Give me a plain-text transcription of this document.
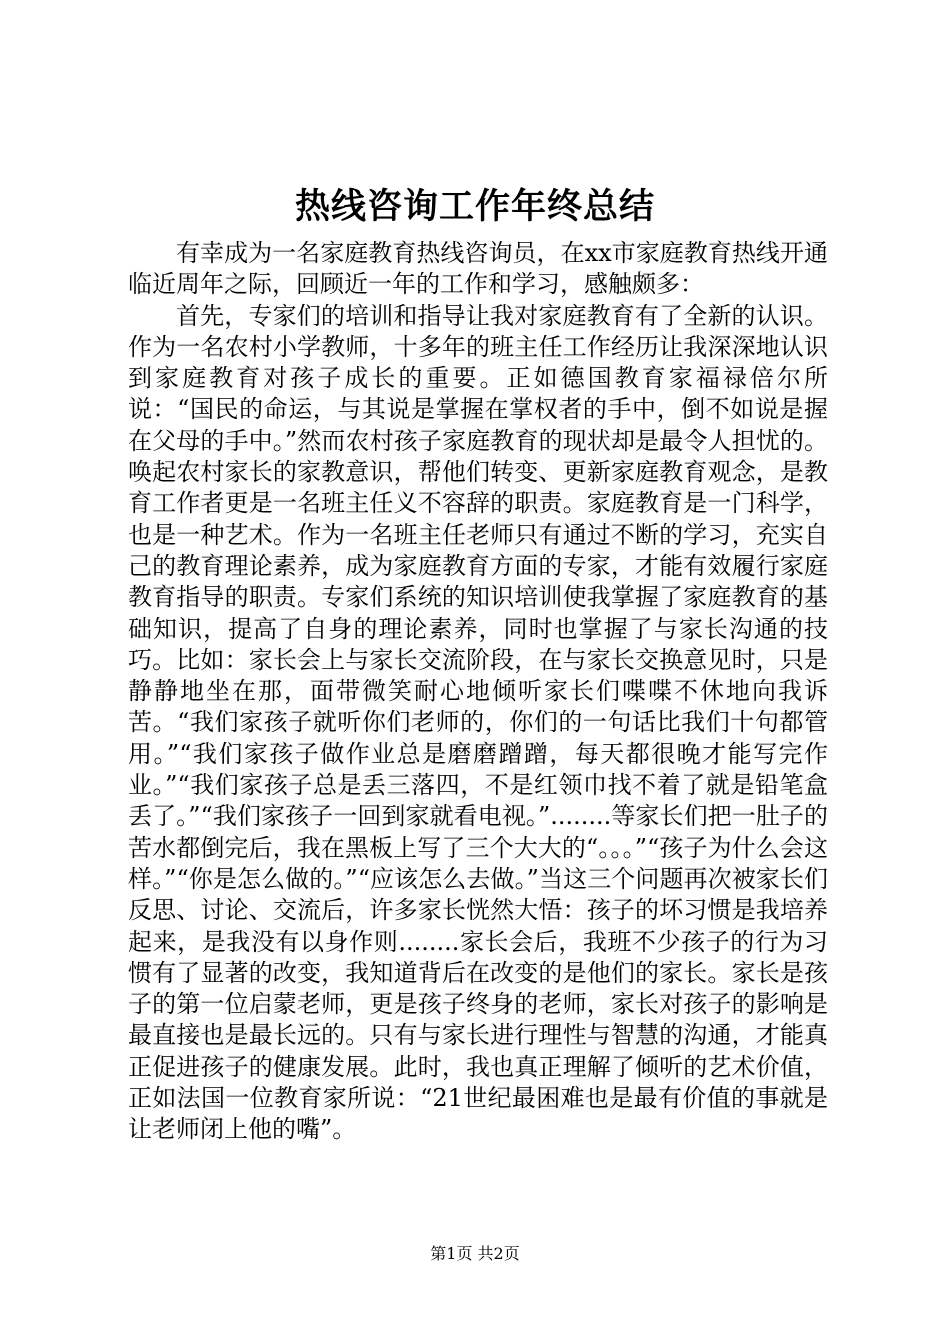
热线咨询工作年终总结

有幸成为一名家庭教育热线咨询员，在xx市家庭教育热线开通临近周年之际，回顾近一年的工作和学习，感触颇多：

首先，专家们的培训和指导让我对家庭教育有了全新的认识。作为一名农村小学教师，十多年的班主任工作经历让我深深地认识到家庭教育对孩子成长的重要。正如德国教育家福禄倍尔所说：“国民的命运，与其说是掌握在掌权者的手中，倒不如说是握在父母的手中。”然而农村孩子家庭教育的现状却是最令人担忧的。唤起农村家长的家教意识，帮他们转变、更新家庭教育观念，是教育工作者更是一名班主任义不容辞的职责。家庭教育是一门科学，也是一种艺术。作为一名班主任老师只有通过不断的学习，充实自己的教育理论素养，成为家庭教育方面的专家，才能有效履行家庭教育指导的职责。专家们系统的知识培训使我掌握了家庭教育的基础知识，提高了自身的理论素养，同时也掌握了与家长沟通的技巧。比如：家长会上与家长交流阶段，在与家长交换意见时，只是静静地坐在那，面带微笑耐心地倾听家长们喋喋不休地向我诉苦。“我们家孩子就听你们老师的，你们的一句话比我们十句都管用。”“我们家孩子做作业总是磨磨蹭蹭，每天都很晚才能写完作业。”“我们家孩子总是丢三落四，不是红领巾找不着了就是铅笔盒丢了。”“我们家孩子一回到家就看电视。”........等家长们把一肚子的苦水都倒完后，我在黑板上写了三个大大的“。。。”“孩子为什么会这样。”“你是怎么做的。”“应该怎么去做。”当这三个问题再次被家长们反思、讨论、交流后，许多家长恍然大悟：孩子的坏习惯是我培养起来，是我没有以身作则........家长会后，我班不少孩子的行为习惯有了显著的改变，我知道背后在改变的是他们的家长。家长是孩子的第一位启蒙老师，更是孩子终身的老师，家长对孩子的影响是最直接也是最长远的。只有与家长进行理性与智慧的沟通，才能真正促进孩子的健康发展。此时，我也真正理解了倾听的艺术价值，正如法国一位教育家所说：“21世纪最困难也是最有价值的事就是让老师闭上他的嘴”。

第1页 共2页
